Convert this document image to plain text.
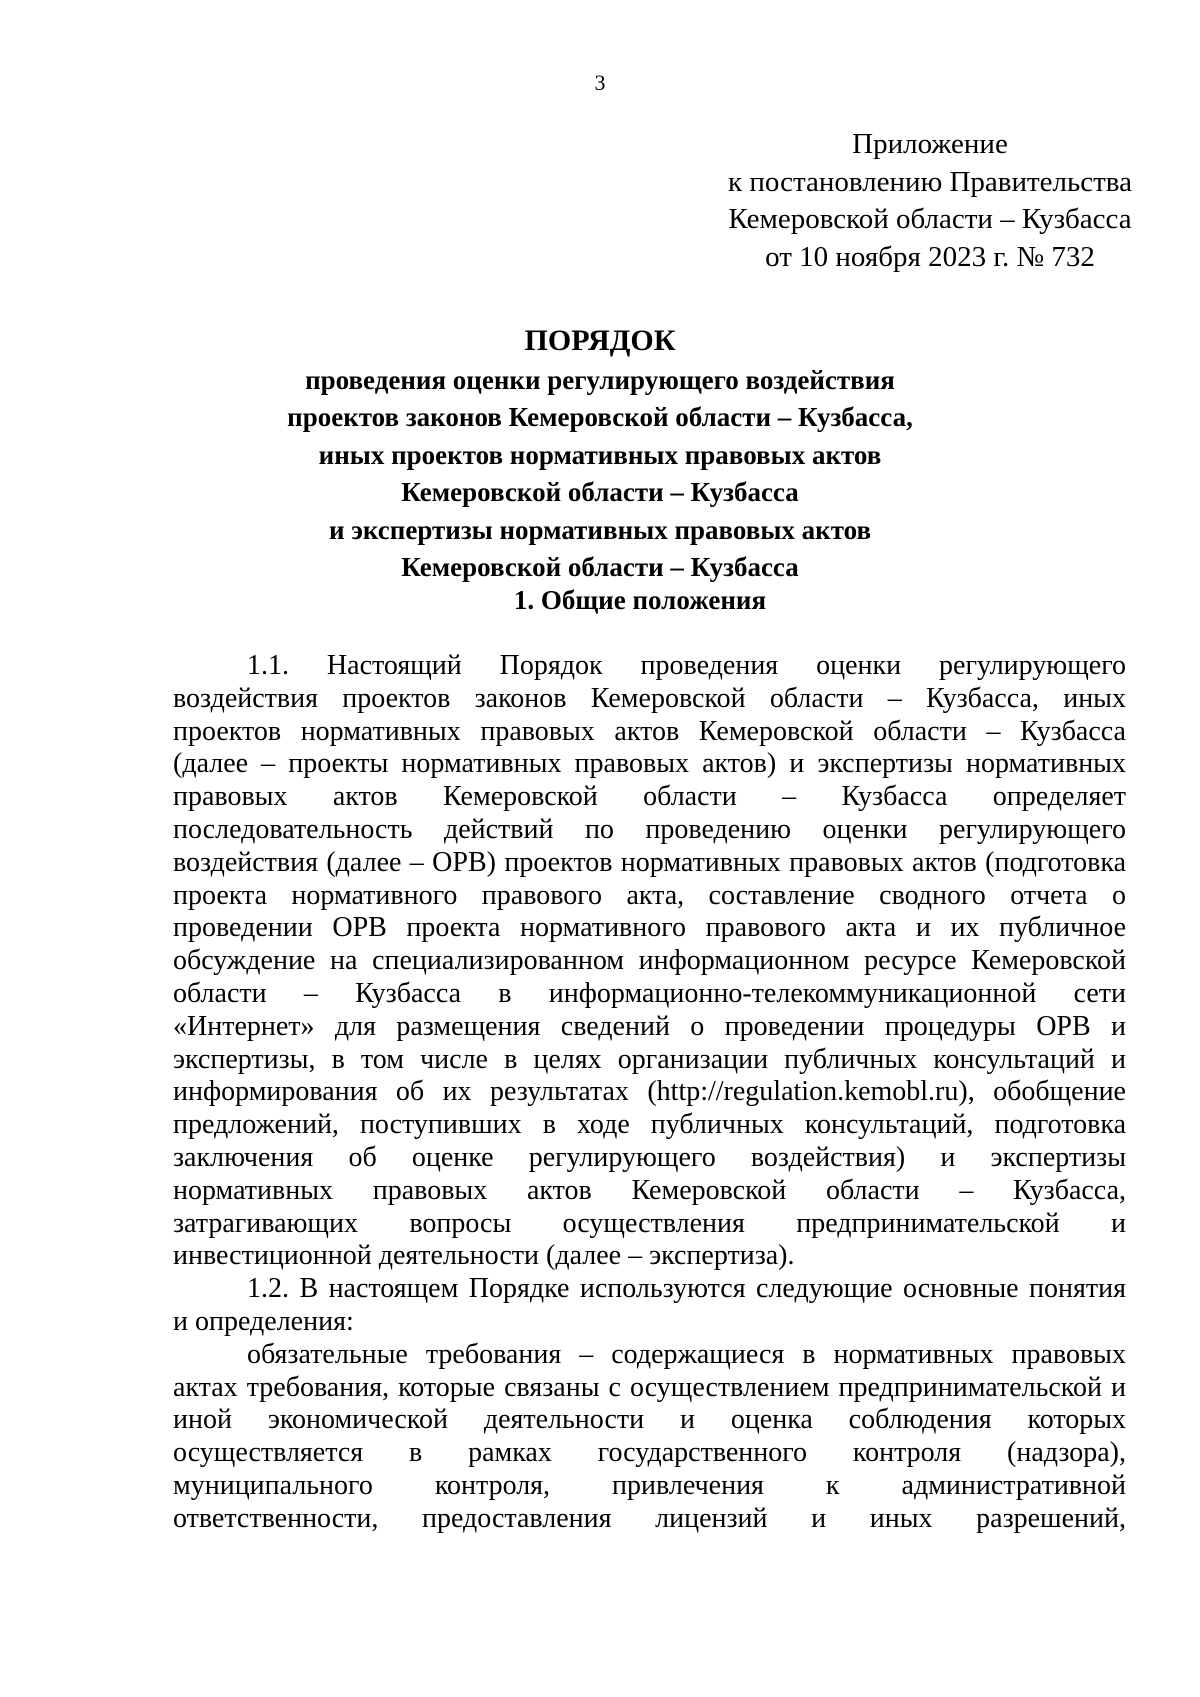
3
Приложение
к постановлению Правительства
Кемеровской области – Кузбасса
от 10 ноября 2023 г. № 732
ПОРЯДОК
проведения оценки регулирующего воздействия
проектов законов Кемеровской области – Кузбасса,
иных проектов нормативных правовых актов
Кемеровской области – Кузбасса
и экспертизы нормативных правовых актов
Кемеровской области – Кузбасса
1. Общие положения
1.1. Настоящий Порядок проведения оценки регулирующего
воздействия проектов законов Кемеровской области – Кузбасса, иных
проектов нормативных правовых актов Кемеровской области – Кузбасса
(далее – проекты нормативных правовых актов) и экспертизы нормативных
правовых актов Кемеровской области – Кузбасса определяет
последовательность действий по проведению оценки регулирующего
воздействия (далее – ОРВ) проектов нормативных правовых актов (подготовка
проекта нормативного правового акта, составление сводного отчета о
проведении ОРВ проекта нормативного правового акта и их публичное
обсуждение на специализированном информационном ресурсе Кемеровской
области – Кузбасса в информационно-телекоммуникационной сети
«Интернет» для размещения сведений о проведении процедуры ОРВ и
экспертизы, в том числе в целях организации публичных консультаций и
информирования об их результатах (http://regulation.kemobl.ru), обобщение
предложений, поступивших в ходе публичных консультаций, подготовка
заключения об оценке регулирующего воздействия) и экспертизы
нормативных правовых актов Кемеровской области – Кузбасса,
затрагивающих вопросы осуществления предпринимательской и
инвестиционной деятельности (далее – экспертиза).
1.2. В настоящем Порядке используются следующие основные понятия
и определения:
обязательные требования – содержащиеся в нормативных правовых
актах требования, которые связаны с осуществлением предпринимательской и
иной экономической деятельности и оценка соблюдения которых
осуществляется в рамках государственного контроля (надзора),
муниципального контроля, привлечения к административной
ответственности, предоставления лицензий и иных разрешений,
